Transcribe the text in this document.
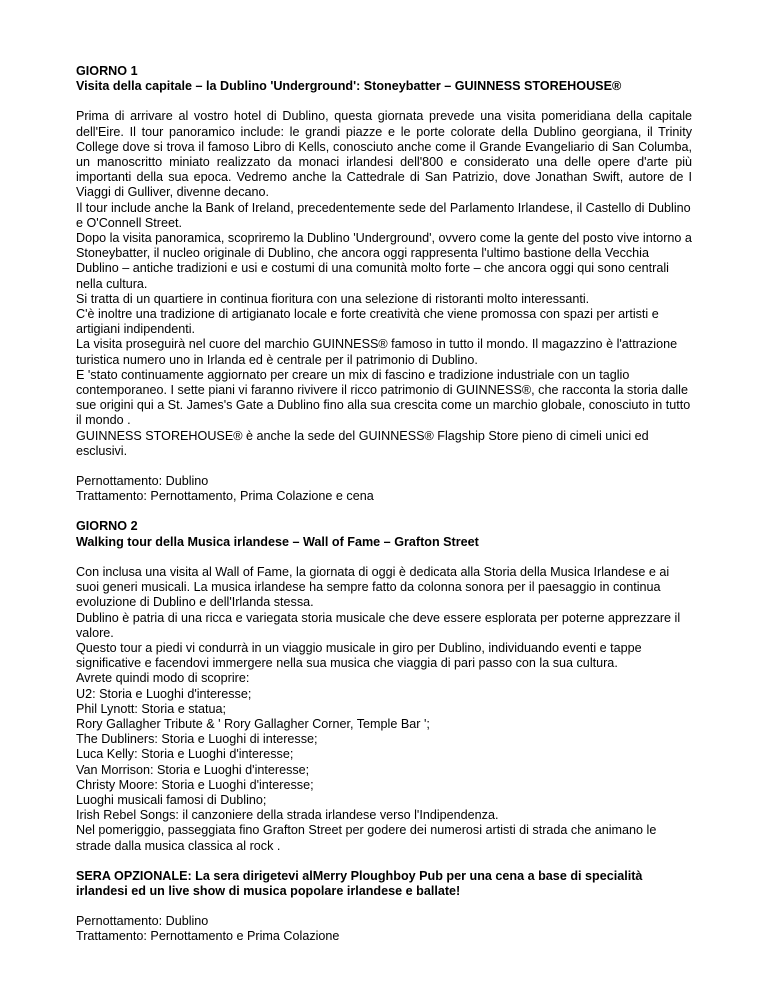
GIORNO 1

Visita della capitale – la Dublino 'Underground': Stoneybatter – GUINNESS STOREHOUSE®

Prima di arrivare al vostro hotel di Dublino, questa giornata prevede una visita pomeridiana della capitale dell'Eire. Il tour panoramico include: le grandi piazze e le porte colorate della Dublino georgiana, il Trinity College dove si trova il famoso Libro di Kells, conosciuto anche come il Grande Evangeliario di San Columba, un manoscritto miniato realizzato da monaci irlandesi dell'800 e considerato una delle opere d'arte più importanti della sua epoca. Vedremo anche la Cattedrale di San Patrizio, dove Jonathan Swift, autore de I Viaggi di Gulliver, divenne decano.

Il tour include anche la Bank of Ireland, precedentemente sede del Parlamento Irlandese, il Castello di Dublino e O'Connell Street.

Dopo la visita panoramica, scopriremo la Dublino 'Underground', ovvero come la gente del posto vive intorno a Stoneybatter, il nucleo originale di Dublino, che ancora oggi rappresenta l'ultimo bastione della Vecchia Dublino – antiche tradizioni e usi e costumi di una comunità molto forte – che ancora oggi qui sono centrali nella cultura.

Si tratta di un quartiere in continua fioritura con una selezione di ristoranti molto interessanti.

C'è inoltre una tradizione di artigianato locale e forte creatività che viene promossa con spazi per artisti e artigiani indipendenti.

La visita proseguirà nel cuore del marchio GUINNESS® famoso in tutto il mondo. Il magazzino è l'attrazione turistica numero uno in Irlanda ed è centrale per il patrimonio di Dublino.

E 'stato continuamente aggiornato per creare un mix di fascino e tradizione industriale con un taglio contemporaneo. I sette piani vi faranno rivivere il ricco patrimonio di GUINNESS®, che racconta la storia dalle sue origini qui a St. James's Gate a Dublino fino alla sua crescita come un marchio globale, conosciuto in tutto il mondo .

GUINNESS STOREHOUSE® è anche la sede del GUINNESS® Flagship Store pieno di cimeli unici ed esclusivi.

Pernottamento: Dublino

Trattamento: Pernottamento, Prima Colazione e cena

GIORNO 2

Walking tour della Musica irlandese – Wall of Fame – Grafton Street

Con inclusa una visita al Wall of Fame, la giornata di oggi è dedicata alla Storia della Musica Irlandese e ai suoi generi musicali. La musica irlandese ha sempre fatto da colonna sonora per il paesaggio in continua evoluzione di Dublino e dell'Irlanda stessa.

Dublino è patria di una ricca e variegata storia musicale che deve essere esplorata per poterne apprezzare il valore.

Questo tour a piedi vi condurrà in un viaggio musicale in giro per Dublino, individuando eventi e tappe significative e facendovi immergere nella sua musica che viaggia di pari passo con la sua cultura.

Avrete quindi modo di scoprire:

U2: Storia e Luoghi d'interesse;

Phil Lynott: Storia e statua;

Rory Gallagher Tribute & ' Rory Gallagher Corner, Temple Bar ';

The Dubliners: Storia e Luoghi di interesse;

Luca Kelly: Storia e Luoghi d'interesse;

Van Morrison: Storia e Luoghi d'interesse;

Christy Moore: Storia e Luoghi d'interesse;

Luoghi musicali famosi di Dublino;

Irish Rebel Songs: il canzoniere della strada irlandese verso l'Indipendenza.

Nel pomeriggio, passeggiata fino Grafton Street per godere dei numerosi artisti di strada che animano le strade dalla musica classica al rock .

SERA OPZIONALE: La sera dirigetevi alMerry Ploughboy Pub per una cena a base di specialità irlandesi ed un live show di musica popolare irlandese e ballate!

Pernottamento: Dublino

Trattamento: Pernottamento e Prima Colazione
